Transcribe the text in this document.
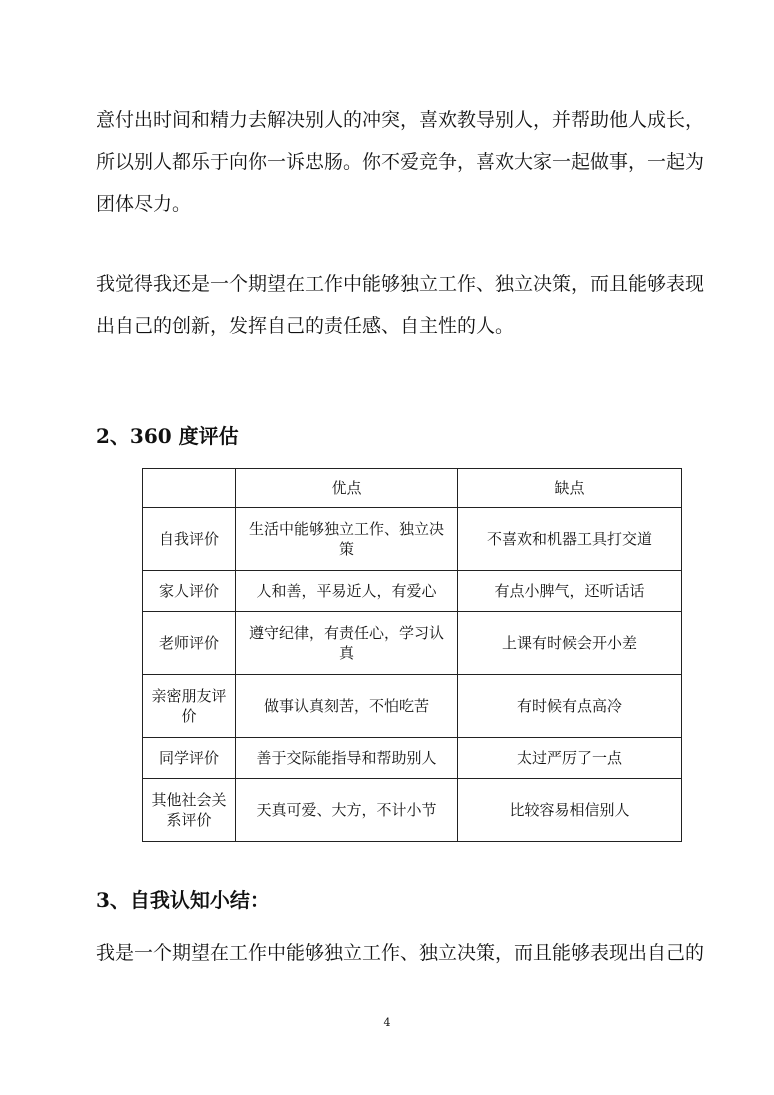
意付出时间和精力去解决别人的冲突，喜欢教导别人，并帮助他人成长，
所以别人都乐于向你一诉忠肠。你不爱竞争，喜欢大家一起做事，一起为
团体尽力。
我觉得我还是一个期望在工作中能够独立工作、独立决策，而且能够表现
出自己的创新，发挥自己的责任感、自主性的人。
2、360 度评估
	优点	缺点
自我评价	生活中能够独立工作、独立决策	不喜欢和机器工具打交道
家人评价	人和善，平易近人，有爱心	有点小脾气，还听话话
老师评价	遵守纪律，有责任心，学习认真	上课有时候会开小差
亲密朋友评价	做事认真刻苦，不怕吃苦	有时候有点高冷
同学评价	善于交际能指导和帮助别人	太过严厉了一点
其他社会关系评价	天真可爱、大方，不计小节	比较容易相信别人
3、自我认知小结：
我是一个期望在工作中能够独立工作、独立决策，而且能够表现出自己的
4
